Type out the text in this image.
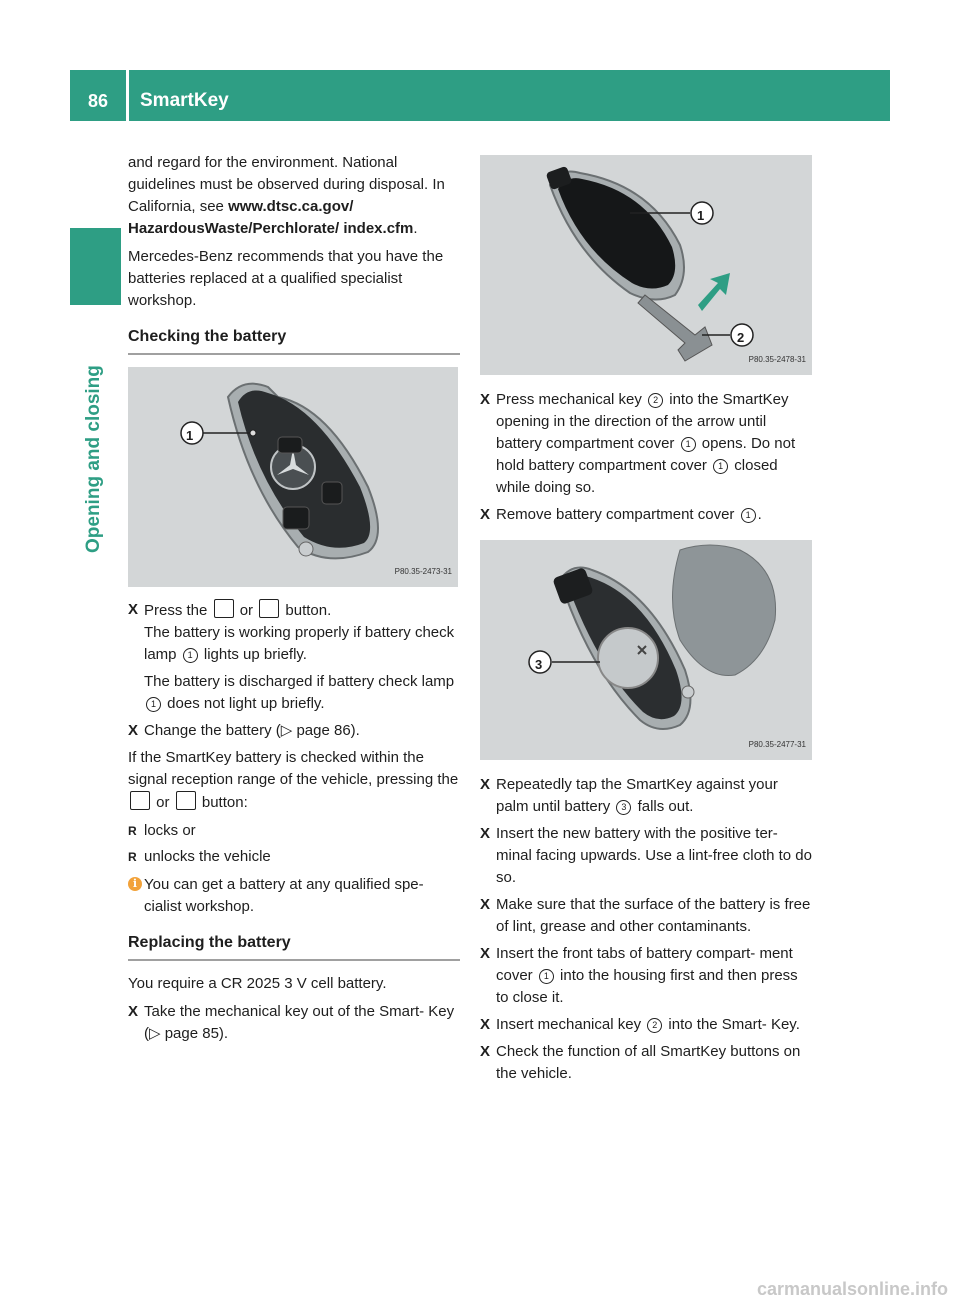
86	SmartKey
Opening and closing

and regard for the environment. National guidelines must be observed during disposal. In California, see www.dtsc.ca.gov/ HazardousWaste/Perchlorate/ index.cfm.

Mercedes-Benz recommends that you have the batteries replaced at a qualified specialist workshop.

Checking the battery
1
P80.35-2473-31
X Press the or button.
The battery is working properly if battery check lamp 1 lights up briefly.
The battery is discharged if battery check lamp 1 does not light up briefly.
X Change the battery (▷ page 86).

If the SmartKey battery is checked within the signal reception range of the vehicle, pressing the  or button:

R locks or
R unlocks the vehicle
i You can get a battery at any qualified spe- cialist workshop.
Replacing the battery

You require a CR 2025 3 V cell battery.

X Take the mechanical key out of the Smart- Key (▷ page 85).
1
2
P80.35-2478-31
X Press mechanical key 2 into the SmartKey opening in the direction of the arrow until battery compartment cover 1 opens. Do not hold battery compartment cover 1 closed while doing so.
X Remove battery compartment cover 1 .
3
P80.35-2477-31
X Repeatedly tap the SmartKey against your palm until battery 3 falls out.
X Insert the new battery with the positive ter- minal facing upwards. Use a lint-free cloth to do so.
X Make sure that the surface of the battery is free of lint, grease and other contaminants.
X Insert the front tabs of battery compart- ment cover 1 into the housing first and then press to close it.
X Insert mechanical key 2 into the Smart- Key.
X Check the function of all SmartKey buttons on the vehicle.
carmanualsonline.info
